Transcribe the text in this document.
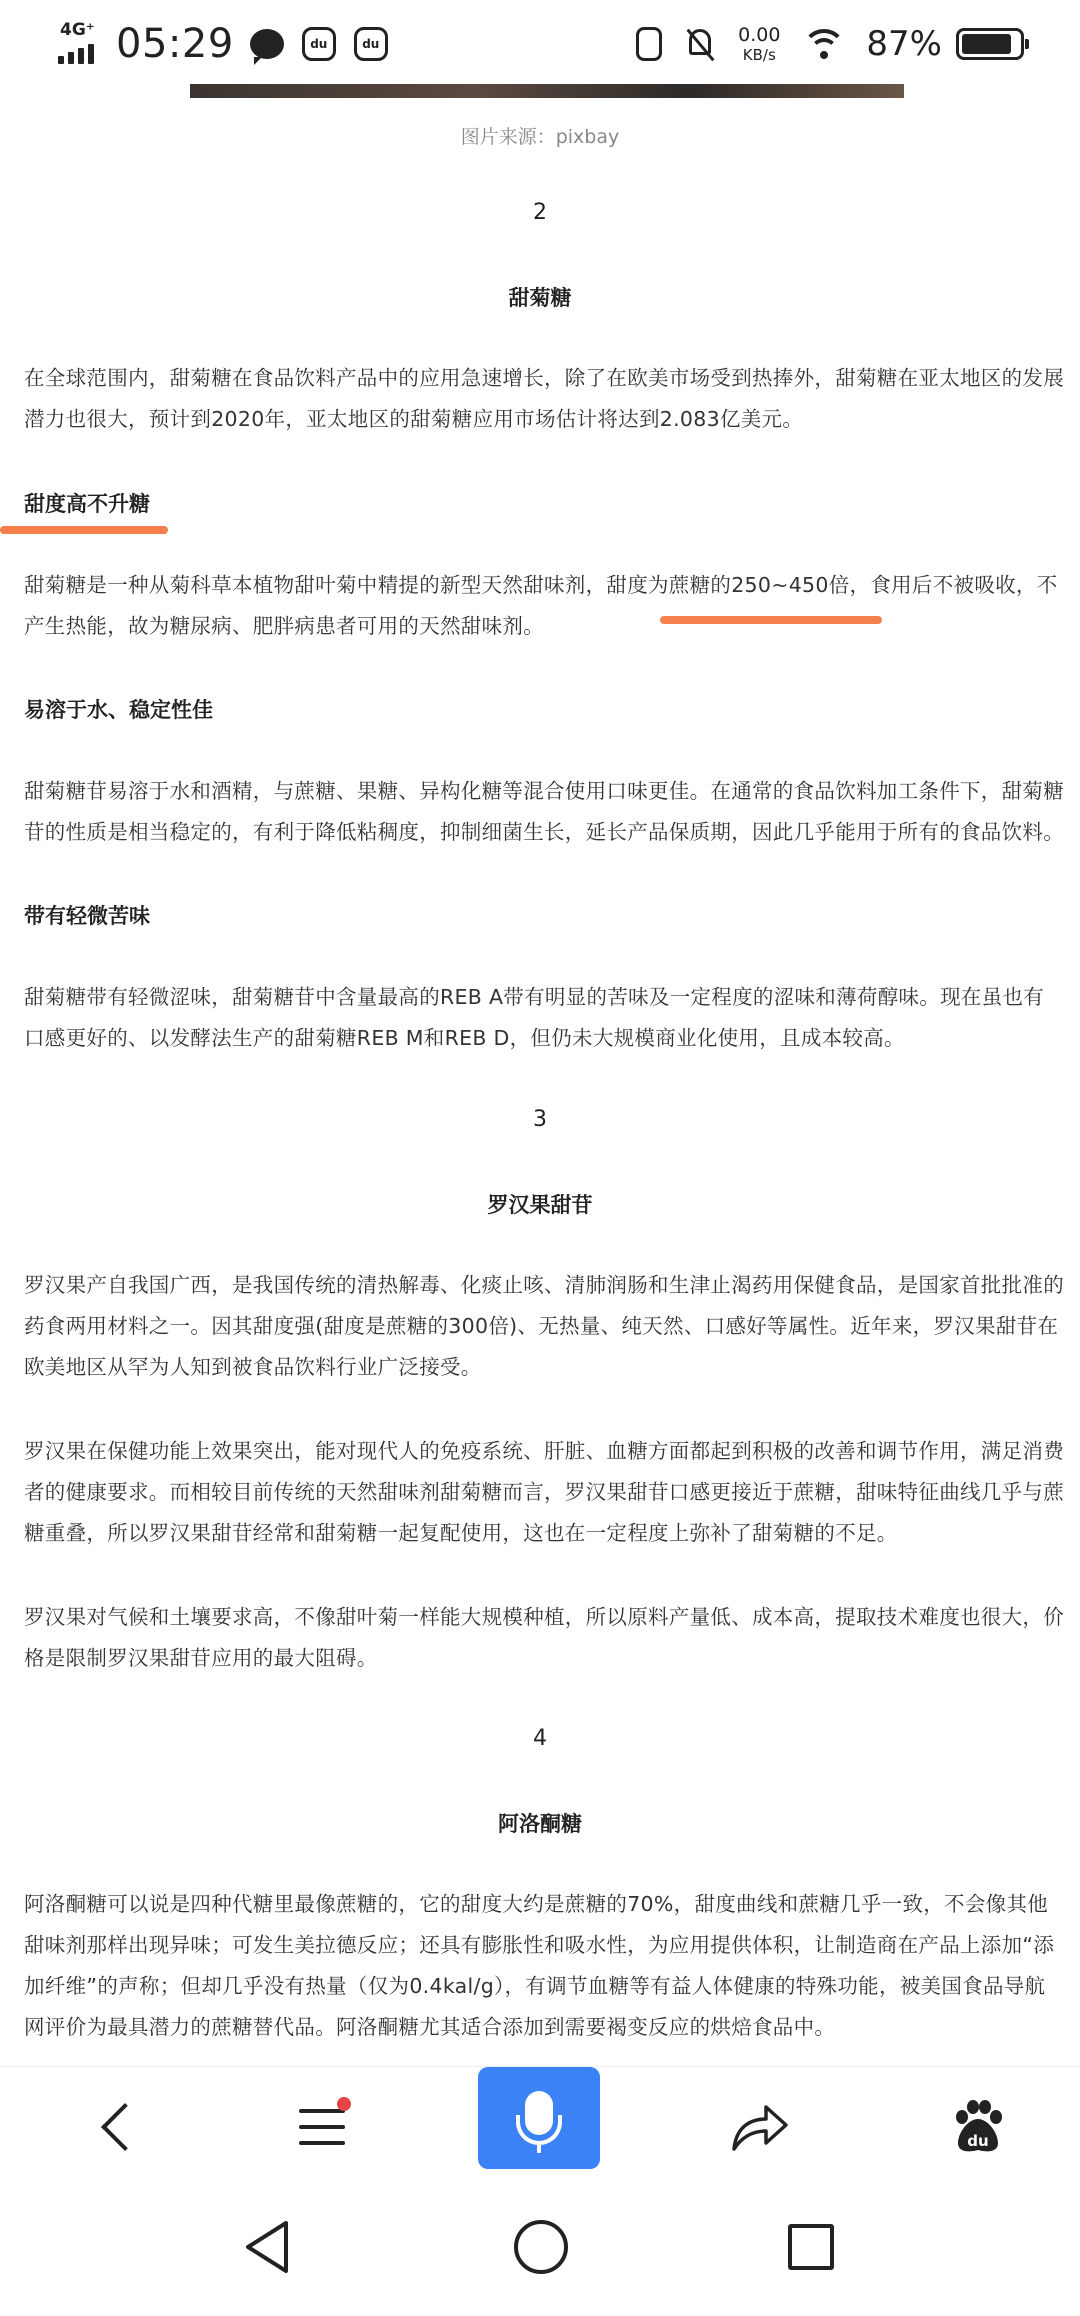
4G⁺ 05:29	du	du	0.00
KB/s	87%
图片来源：pixbay
2
甜菊糖
在全球范围内，甜菊糖在食品饮料产品中的应用急速增长，除了在欧美市场受到热捧外，甜菊糖在亚太地区的发展潜力也很大，预计到2020年，亚太地区的甜菊糖应用市场估计将达到2.083亿美元。
甜度高不升糖
甜菊糖是一种从菊科草本植物甜叶菊中精提的新型天然甜味剂，甜度为蔗糖的250~450倍，食用后不被吸收，不产生热能，故为糖尿病、肥胖病患者可用的天然甜味剂。
易溶于水、稳定性佳
甜菊糖苷易溶于水和酒精，与蔗糖、果糖、异构化糖等混合使用口味更佳。在通常的食品饮料加工条件下，甜菊糖苷的性质是相当稳定的，有利于降低粘稠度，抑制细菌生长，延长产品保质期，因此几乎能用于所有的食品饮料。
带有轻微苦味
甜菊糖带有轻微涩味，甜菊糖苷中含量最高的REB A带有明显的苦味及一定程度的涩味和薄荷醇味。现在虽也有口感更好的、以发酵法生产的甜菊糖REB M和REB D，但仍未大规模商业化使用，且成本较高。
3
罗汉果甜苷
罗汉果产自我国广西，是我国传统的清热解毒、化痰止咳、清肺润肠和生津止渴药用保健食品，是国家首批批准的药食两用材料之一。因其甜度强(甜度是蔗糖的300倍)、无热量、纯天然、口感好等属性。近年来，罗汉果甜苷在欧美地区从罕为人知到被食品饮料行业广泛接受。
罗汉果在保健功能上效果突出，能对现代人的免疫系统、肝脏、血糖方面都起到积极的改善和调节作用，满足消费者的健康要求。而相较目前传统的天然甜味剂甜菊糖而言，罗汉果甜苷口感更接近于蔗糖，甜味特征曲线几乎与蔗糖重叠，所以罗汉果甜苷经常和甜菊糖一起复配使用，这也在一定程度上弥补了甜菊糖的不足。
罗汉果对气候和土壤要求高，不像甜叶菊一样能大规模种植，所以原料产量低、成本高，提取技术难度也很大，价格是限制罗汉果甜苷应用的最大阻碍。
4
阿洛酮糖
阿洛酮糖可以说是四种代糖里最像蔗糖的，它的甜度大约是蔗糖的70%，甜度曲线和蔗糖几乎一致，不会像其他甜味剂那样出现异味；可发生美拉德反应；还具有膨胀性和吸水性，为应用提供体积，让制造商在产品上添加“添加纤维”的声称；但却几乎没有热量（仅为0.4kal/g），有调节血糖等有益人体健康的特殊功能，被美国食品导航网评价为最具潜力的蔗糖替代品。阿洛酮糖尤其适合添加到需要褐变反应的烘焙食品中。
du
